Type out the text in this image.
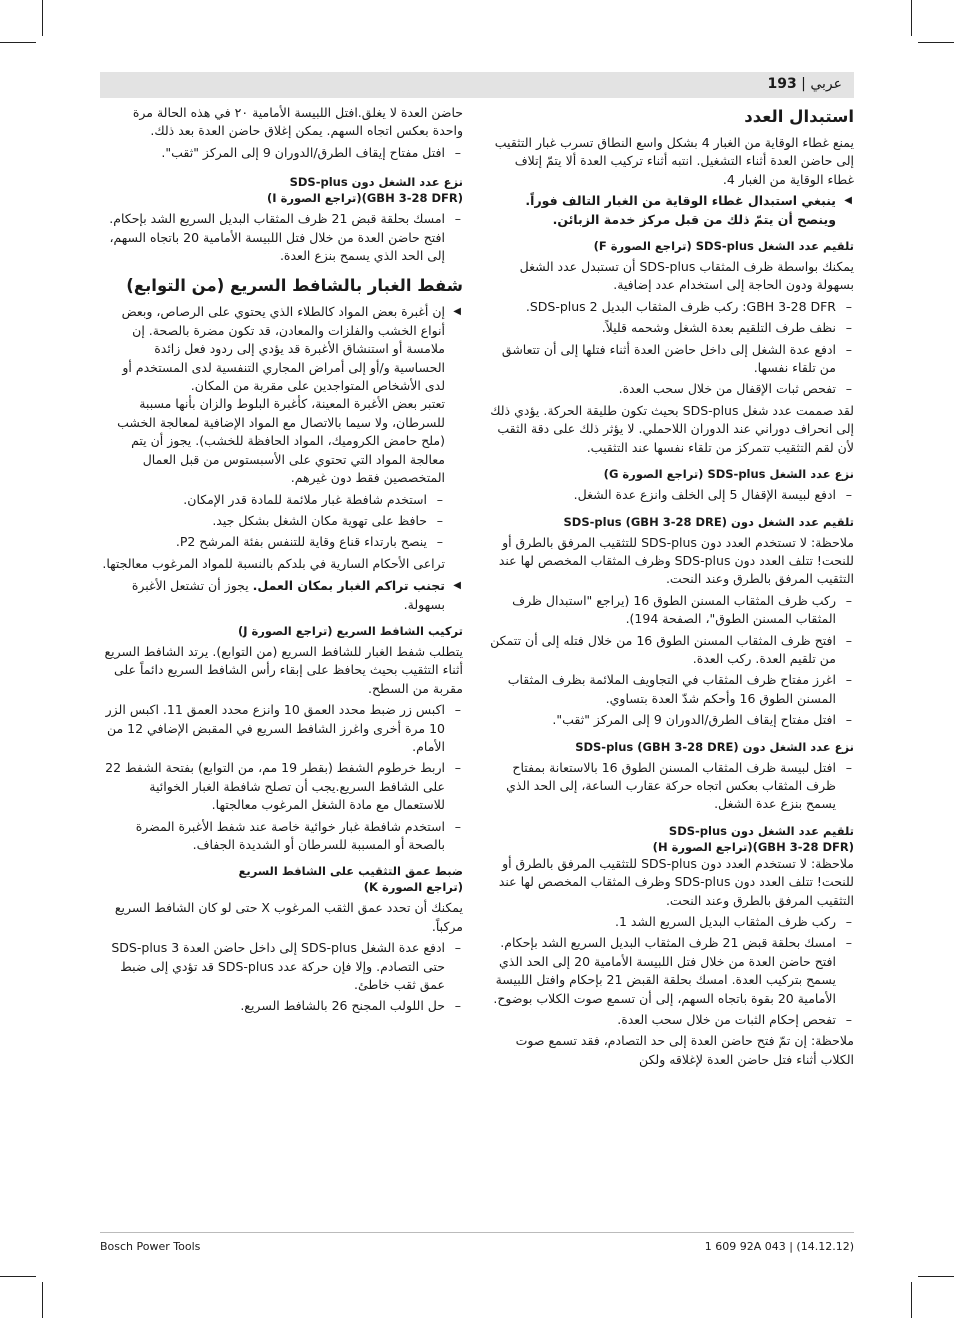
عربي | 193
استبدال العدد
يمنع غطاء الوقاية من الغبار 4 بشكل واسع النطاق تسرب غبار التثقيب إلى حاضن العدة أثناء التشغيل. انتبه أثناء تركيب العدة ألا يتمّ إتلاف غطاء الوقاية من الغبار 4.
◀
ينبغي استبدال غطاء الوقاية من الغبار التالف فوراً. وينصح أن يتمّ ذلك من قبل مركز خدمة الزبائن.
تلقيم عدد الشغل SDS-plus (تراجع الصورة F)
يمكنك بواسطة ظرف المثقاب SDS-plus أن تستبدل عدد الشغل بسهولة ودون الحاجة إلى استخدام عدد إضافية.
– GBH 3-28 DFR: ركب ظرف المثقاب البديل 2 SDS-plus.
– نظف طرف التلقيم بعدة الشغل وشحمه قليلاً.
– ادفع عدة الشغل إلى داخل حاضن العدة أثناء فتلها إلى أن تتعاشق من تلقاء نفسها.
– تفحص ثبات الإقفال من خلال سحب العدة.
لقد صممت عدد شغل SDS-plus بحيث تكون طليقة الحركة. يؤدي ذلك إلى انحراف دوراني عند الدوران اللاحملي. لا يؤثر ذلك على دقة الثقب لأن لقم التثقيب تتمركز من تلقاء نفسها عند التثقيب.
نزع عدد الشغل SDS-plus (تراجع الصورة G)
– ادفع لبيسة الإقفال 5 إلى الخلف وانزع عدة الشغل.
تلقيم عدد الشغل دون SDS-plus (GBH 3-28 DRE)
ملاحظة: لا تستخدم العدد دون SDS-plus للتثقيب المرفق بالطرق أو للنحت! تتلف العدد دون SDS-plus وظرف المثقاب المخصص لها عند التثقيب المرفق بالطرق وعند النحت.
– ركب ظرف المثقاب المسنن الطوق 16 (يراجع "استبدال ظرف المثقاب المسنن الطوق"، الصفحة 194).
– افتح ظرف المثقاب المسنن الطوق 16 من خلال فتله إلى أن تتمكن من تلقيم العدة. ركب العدة.
– اغرز مفتاح ظرف المثقاب في التجاويف الملائمة بظرف المثقاب المسنن الطوق 16 وأحكم شدّ العدة بتساوي.
– افتل مفتاح إيقاف الطرق/الدوران 9 إلى المركز "ثقب".
نزع عدد الشغل دون SDS-plus (GBH 3-28 DRE)
– افتل لبيسة ظرف المثقاب المسنن الطوق 16 بالاستعانة بمفتاح ظرف المثقاب بعكس اتجاه حركة عقارب الساعة، إلى الحد الذي يسمح بنزع عدة الشغل.
تلقيم عدد الشغل دون SDS-plus
(GBH 3-28 DFR)(تراجع الصورة H)
ملاحظة: لا تستخدم العدد دون SDS-plus للتثقيب المرفق بالطرق أو للنحت! تتلف العدد دون SDS-plus وظرف المثقاب المخصص لها عند التثقيب المرفق بالطرق وعند النحت.
– ركب ظرف المثقاب البديل السريع الشد 1.
– امسك بحلقة قبض 21 ظرف المثقاب البديل السريع الشد بإحكام. افتح حاضن العدة من خلال فتل اللبيسة الأمامية 20 إلى الحد الذي يسمح بتركيب العدة. امسك بحلقة القبض 21 بإحكام وافتل اللبيسة الأمامية 20 بقوة باتجاه السهم، إلى أن تسمع صوت الكلاب بوضوح.
– تفحص إحكام الثبات من خلال سحب العدة.
ملاحظة: إن تمّ فتح حاضن العدة إلى حد التصادم، فقد تسمع صوت الكلاب أثناء فتل حاضن العدة لإغلاقه ولكن
حاضن العدة لا يغلق.افتل اللبيسة الأمامية ٢٠ في هذه الحالة مرة واحدة بعكس اتجاه السهم. يمكن إغلاق حاضن العدة بعد ذلك.
– افتل مفتاح إيقاف الطرق/الدوران 9 إلى المركز "ثقب".
نزع عدد الشغل دون SDS-plus
(GBH 3-28 DFR)(تراجع الصورة I)
– امسك بحلقة قبض 21 ظرف المثقاب البديل السريع الشد بإحكام. افتح حاضن العدة من خلال فتل اللبيسة الأمامية 20 باتجاه السهم، إلى الحد الذي يسمح بنزع العدة.
شفط الغبار بالشافط السريع (من التوابع)
◀
إن أغبرة بعض المواد كالطلاء الذي يحتوي على الرصاص، وبعض أنواع الخشب والفلزات والمعادن، قد تكون مضرة بالصحة. إن ملامسة أو استنشاق الأغبرة قد يؤدي إلى ردود فعل زائدة الحساسية و/أو إلى أمراض المجاري التنفسية لدى المستخدم أو لدى الأشخاص المتواجدين على مقربة من المكان.
تعتبر بعض الأغبرة المعينة، كأغبرة البلوط والزان بأنها مسببة للسرطان، ولا سيما بالاتصال مع المواد الإضافية لمعالجة الخشب (ملح حامض الكروميك، المواد الحافظة للخشب). يجوز أن يتم معالجة المواد التي تحتوي على الأسبستوس من قبل العمال المتخصصين فقط دون غيرهم.
– استخدم شافطة غبار ملائمة للمادة قدر الإمكان.
– حافظ على تهوية مكان الشغل بشكل جيد.
– ينصح بارتداء قناع وقاية للتنفس بفئة المرشح P2.
تراعى الأحكام السارية في بلدكم بالنسبة للمواد المرغوب معالجتها.
◀
تجنب تراكم الغبار بمكان العمل. يجوز أن تشتعل الأغبرة بسهولة.
تركيب الشافط السريع (تراجع الصورة J)
يتطلب شفط الغبار للشافط السريع (من التوابع). يرتد الشافط السريع أثناء التثقيب بحيث يحافظ على إبقاء رأس الشافط السريع دائماً على مقربة من السطح.
– اكبس زر ضبط محدد العمق 10 وانزع محدد العمق 11. اكبس الزر 10 مرة أخرى واغرز الشافط السريع في المقبض الإضافي 12 من الأمام.
– اربط خرطوم الشفط (بقطر 19 مم، من التوابع) بفتحة الشفط 22 على الشافط السريع.يجب أن تصلح شافطة الغبار الخوائية للاستعمال مع مادة الشغل المرغوب معالجتها.
– استخدم شافطة غبار خوائية خاصة عند شفط الأغبرة المضرة بالصحة أو المسببة للسرطان أو الشديدة الجفاف.
ضبط عمق التثقيب على الشافط السريع
(تراجع الصورة K)
يمكنك أن تحدد عمق الثقب المرغوب X حتى لو كان الشافط السريع مركباً.
– ادفع عدة الشغل SDS-plus إلى داخل حاضن العدة SDS-plus 3 حتى التصادم. وإلا فإن حركة عدد SDS-plus قد تؤدي إلى ضبط عمق ثقب خاطئ.
– حل اللولب المجنح 26 بالشافط السريع.
Bosch Power Tools	1 609 92A 043 | (14.12.12)
